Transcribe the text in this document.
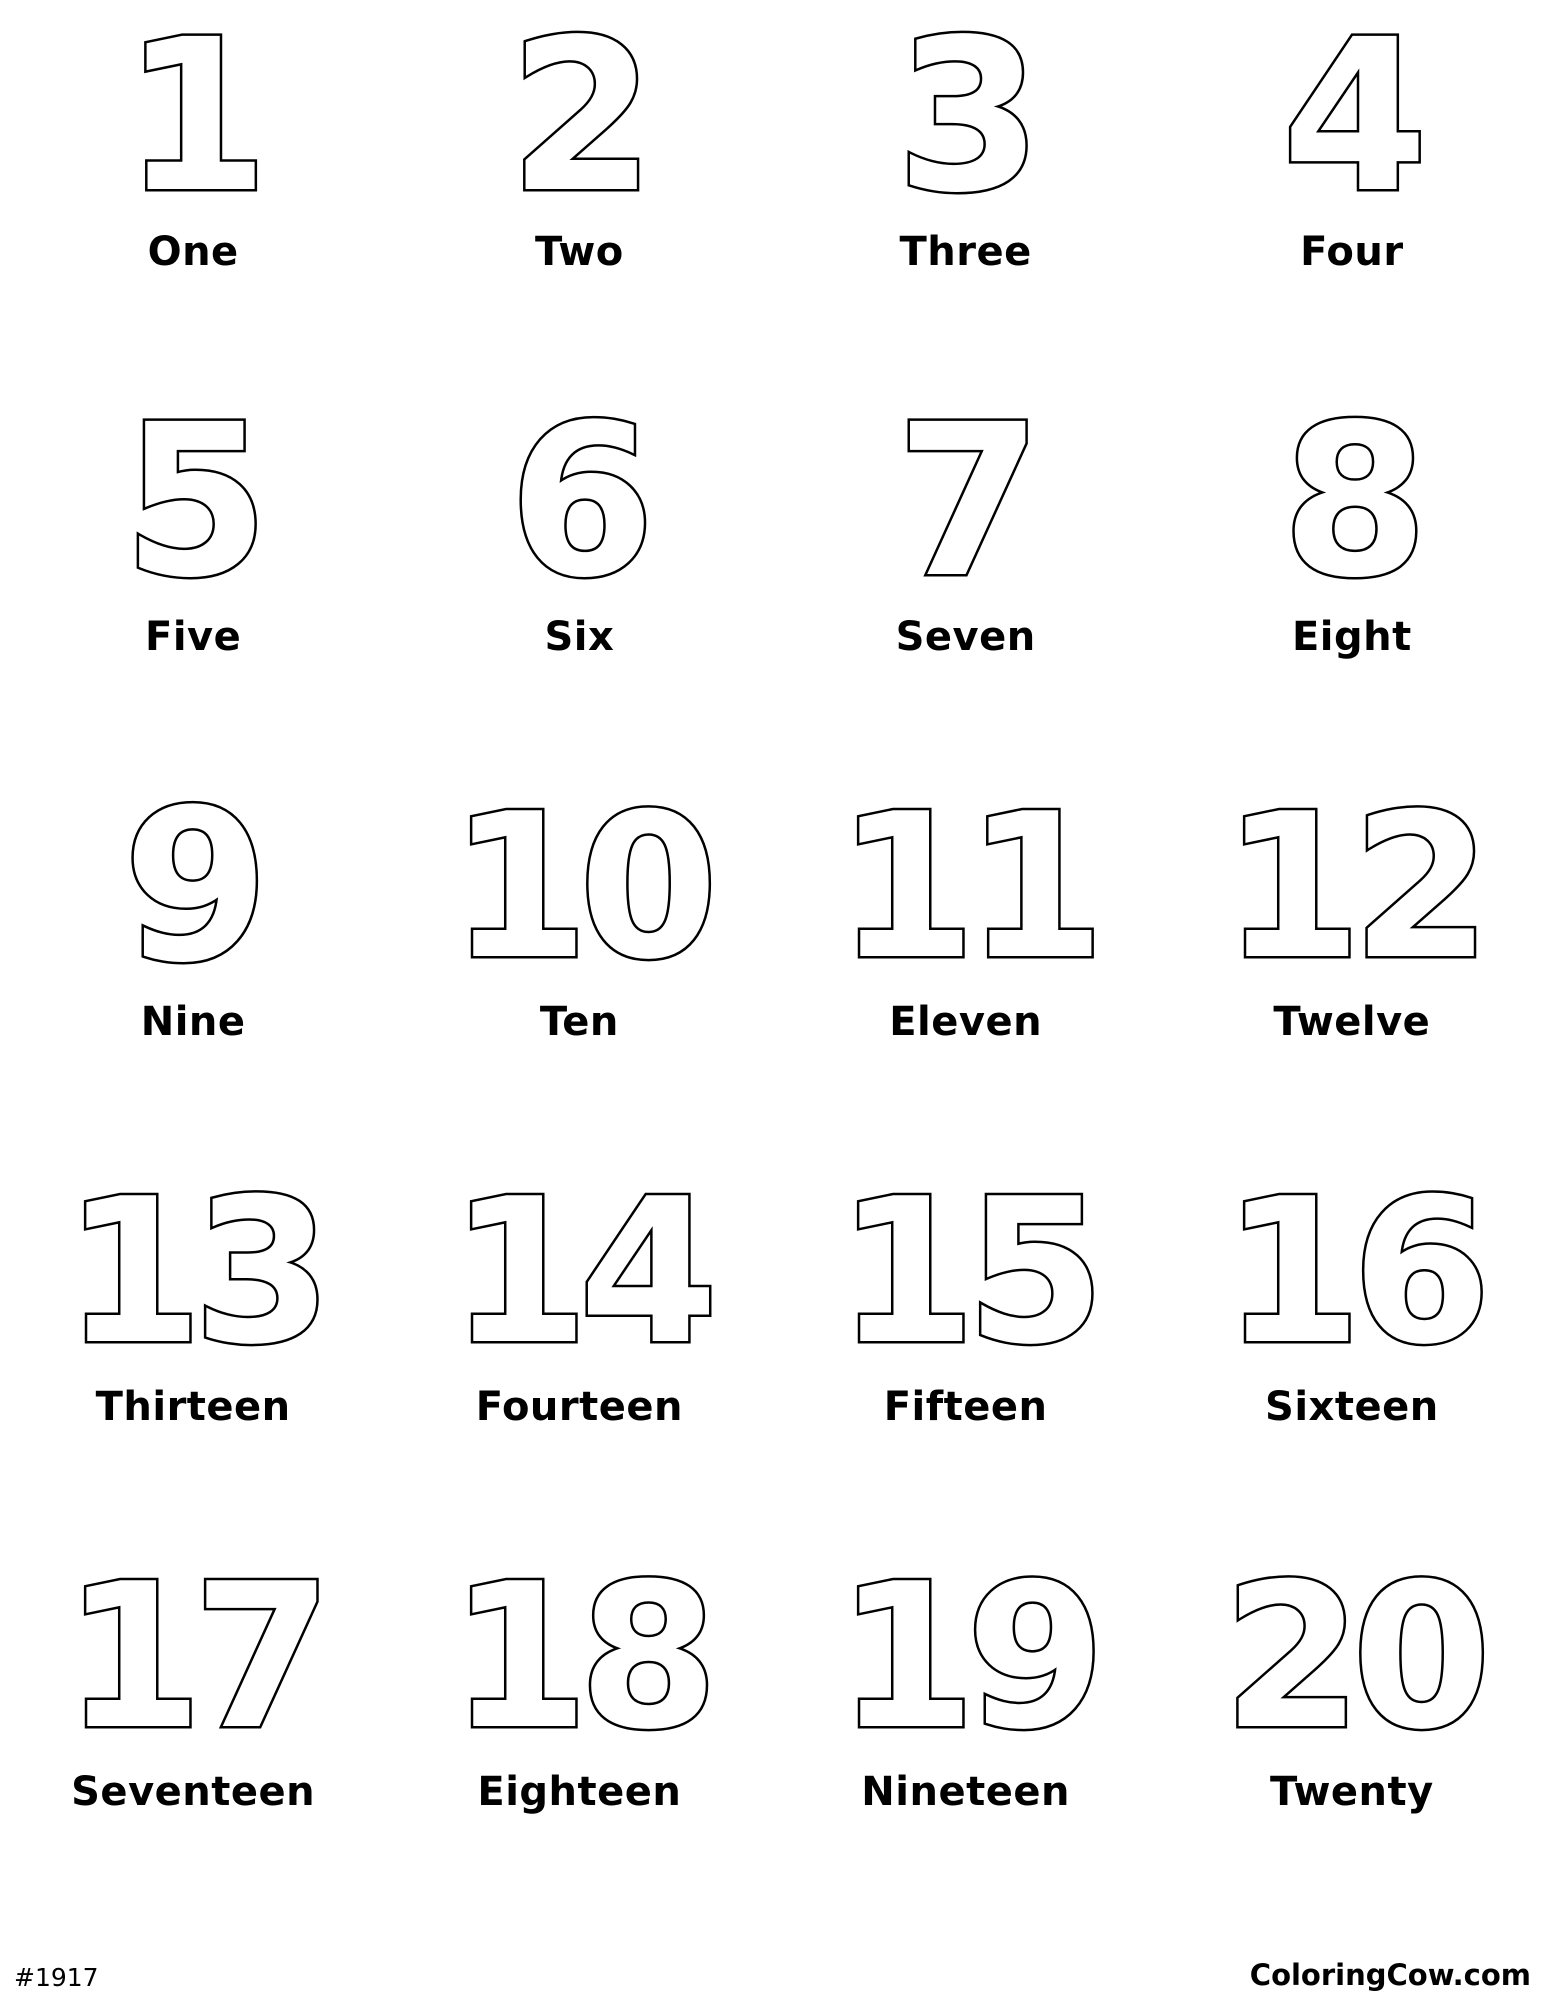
1
One
2
Two
3
Three
4
Four
5
Five
6
Six
7
Seven
8
Eight
9
Nine
10
Ten
11
Eleven
12
Twelve
13
Thirteen
14
Fourteen
15
Fifteen
16
Sixteen
17
Seventeen
18
Eighteen
19
Nineteen
20
Twenty
#1917	ColoringCow.com
